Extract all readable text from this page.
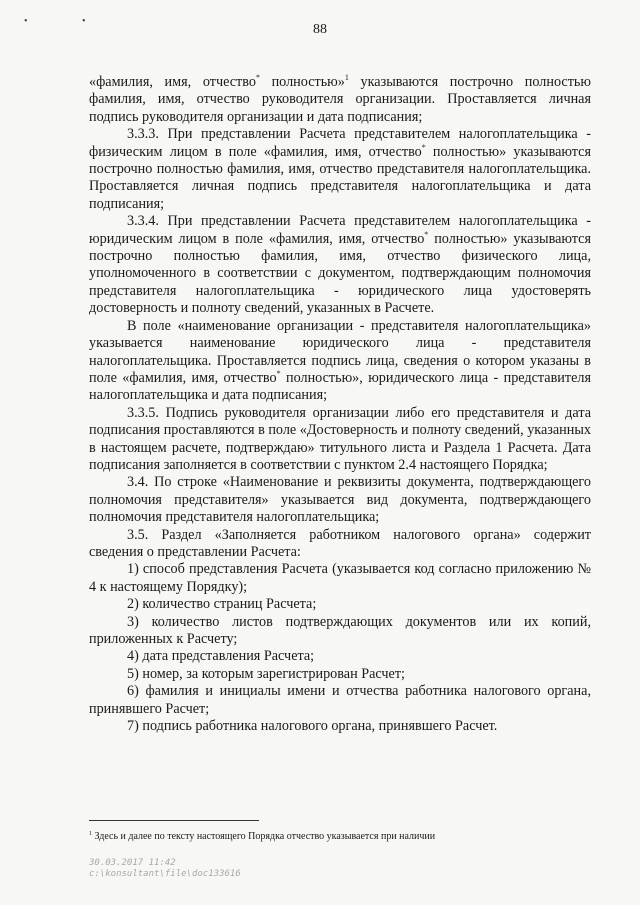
• •
88

«фамилия, имя, отчество* полностью»$^1$ указываются построчно полностью фамилия, имя, отчество руководителя организации. Проставляется личная подпись руководителя организации и дата подписания;

3.3.3. При представлении Расчета представителем налогоплательщика - физическим лицом в поле «фамилия, имя, отчество* полностью» указываются построчно полностью фамилия, имя, отчество представителя налогоплательщика. Проставляется личная подпись представителя налогоплательщика и дата подписания;

3.3.4. При представлении Расчета представителем налогоплательщика - юридическим лицом в поле «фамилия, имя, отчество* полностью» указываются построчно полностью фамилия, имя, отчество физического лица, уполномоченного в соответствии с документом, подтверждающим полномочия представителя налогоплательщика - юридического лица удостоверять достоверность и полноту сведений, указанных в Расчете.

В поле «наименование организации - представителя налогоплательщика» указывается наименование юридического лица - представителя налогоплательщика. Проставляется подпись лица, сведения о котором указаны в поле «фамилия, имя, отчество* полностью», юридического лица - представителя налогоплательщика и дата подписания;

3.3.5. Подпись руководителя организации либо его представителя и дата подписания проставляются в поле «Достоверность и полноту сведений, указанных в настоящем расчете, подтверждаю» титульного листа и Раздела 1 Расчета. Дата подписания заполняется в соответствии с пунктом 2.4 настоящего Порядка;

3.4. По строке «Наименование и реквизиты документа, подтверждающего полномочия представителя» указывается вид документа, подтверждающего полномочия представителя налогоплательщика;

3.5. Раздел «Заполняется работником налогового органа» содержит сведения о представлении Расчета:

1) способ представления Расчета (указывается код согласно приложению № 4 к настоящему Порядку);

2) количество страниц Расчета;

3) количество листов подтверждающих документов или их копий, приложенных к Расчету;

4) дата представления Расчета;

5) номер, за которым зарегистрирован Расчет;

6) фамилия и инициалы имени и отчества работника налогового органа, принявшего Расчет;

7) подпись работника налогового органа, принявшего Расчет.

$^1$ Здесь и далее по тексту настоящего Порядка отчество указывается при наличии
30.03.2017 11:42
с:\konsultant\file\doc133616
